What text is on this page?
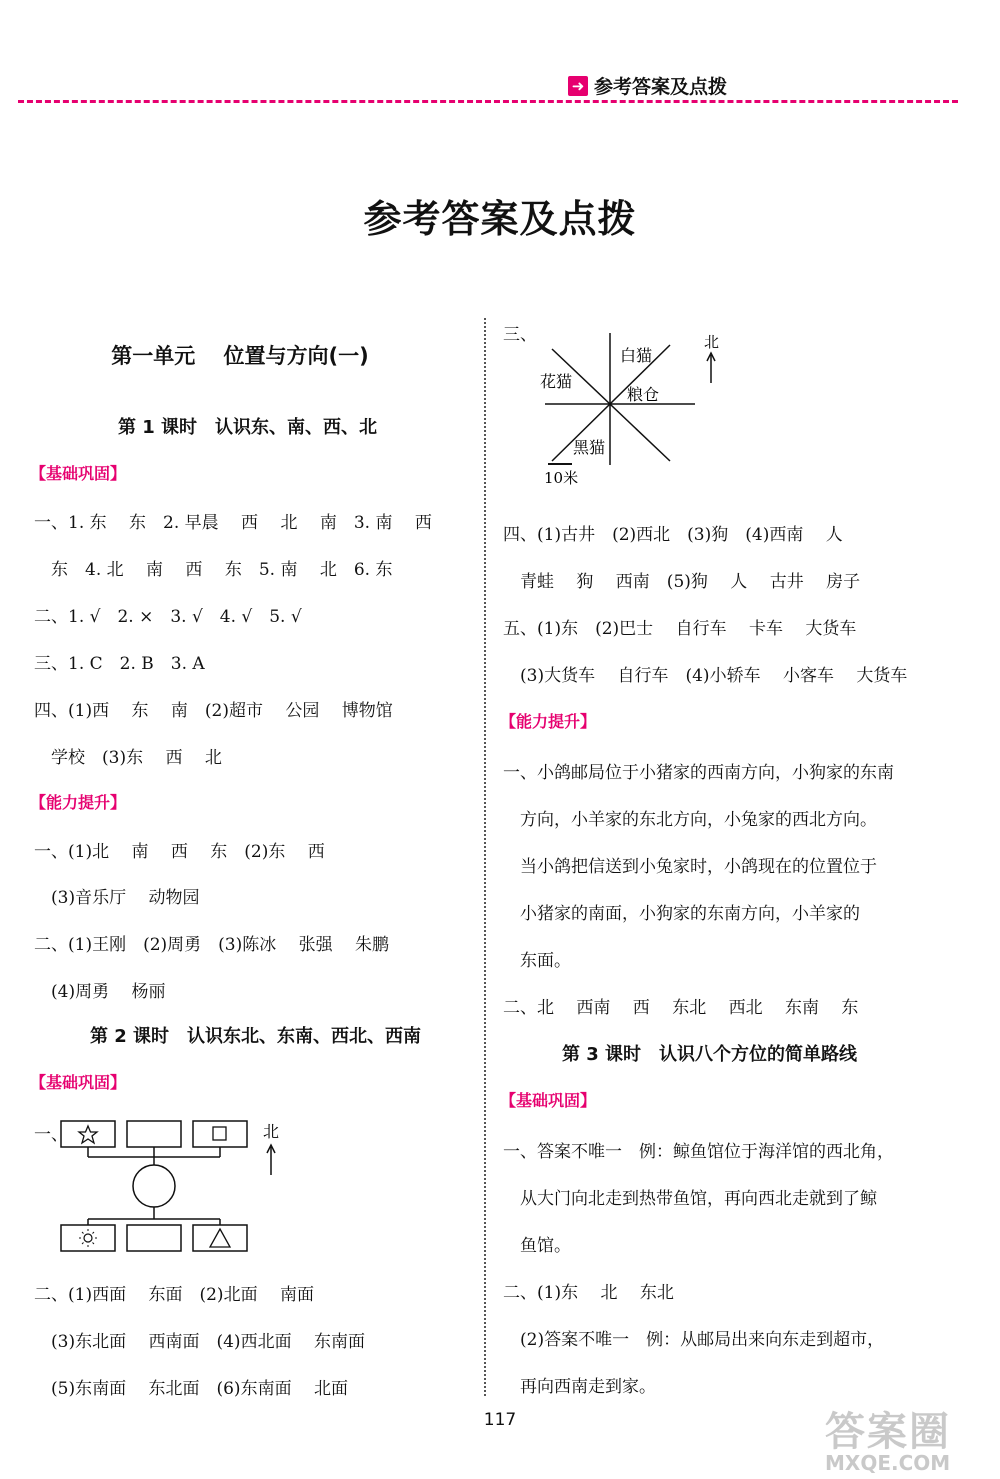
➜ 参考答案及点拨
参考答案及点拨
第一单元　 位置与方向(一)
第 1 课时　认识东、南、西、北
【基础巩固】
一、1. 东　 东　2. 早晨　 西　 北　 南　3. 南　 西
　东　4. 北　 南　 西　 东　5. 南　 北　6. 东
二、1. √　2. ×　3. √　4. √　5. √
三、1. C　2. B　3. A
四、(1)西　 东　 南　(2)超市　 公园　 博物馆
　学校　(3)东　 西　 北
【能力提升】
一、(1)北　 南　 西　 东　(2)东　 西
　(3)音乐厅　 动物园
二、(1)王刚　(2)周勇　(3)陈冰　 张强　 朱鹏
　(4)周勇　 杨丽
第 2 课时　认识东北、东南、西北、西南
【基础巩固】
一、	北
二、(1)西面　 东面　(2)北面　 南面
　(3)东北面　 西南面　(4)西北面　 东南面
　(5)东南面　 东北面　(6)东南面　 北面
三、
白猫
花猫
粮仓
黑猫
北
10米
四、(1)古井　(2)西北　(3)狗　(4)西南　 人
　青蛙　 狗　 西南　(5)狗　 人　 古井　 房子
五、(1)东　(2)巴士　 自行车　 卡车　 大货车
　(3)大货车　 自行车　(4)小轿车　 小客车　 大货车
【能力提升】
一、小鸽邮局位于小猪家的西南方向，小狗家的东南
　方向，小羊家的东北方向，小兔家的西北方向。
　当小鸽把信送到小兔家时，小鸽现在的位置位于
　小猪家的南面，小狗家的东南方向，小羊家的
　东面。
二、北　 西南　 西　 东北　 西北　 东南　 东
第 3 课时　认识八个方位的简单路线
【基础巩固】
一、答案不唯一　例：鲸鱼馆位于海洋馆的西北角，
　从大门向北走到热带鱼馆，再向西北走就到了鲸
　鱼馆。
二、(1)东　 北　 东北
　(2)答案不唯一　例：从邮局出来向东走到超市，
　再向西南走到家。
117	答案圈
MXQE.COM
